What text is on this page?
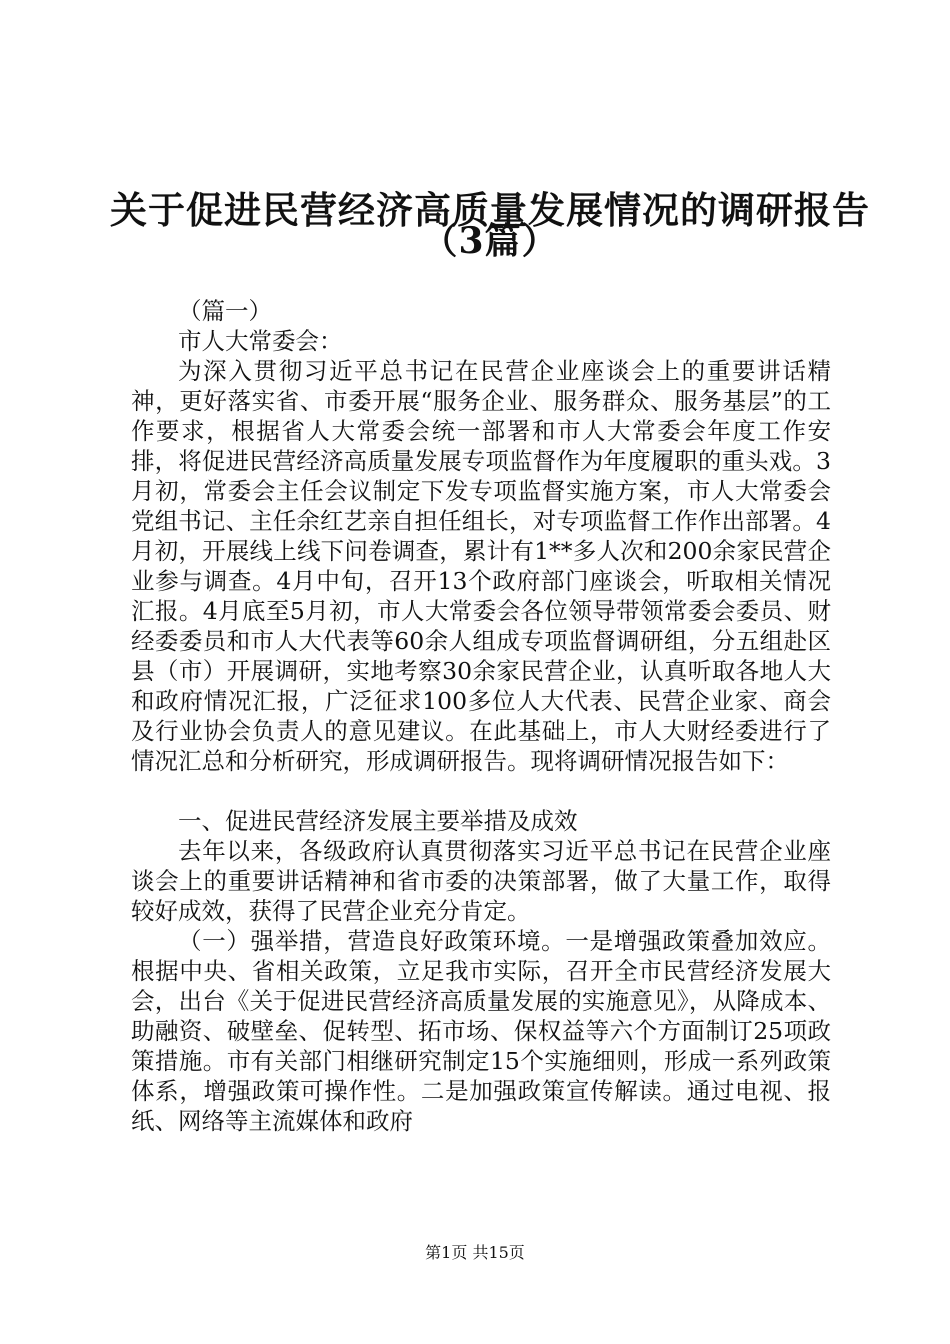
关于促进民营经济高质量发展情况的调研报告
（3篇）

（篇一）

市人大常委会：

为深入贯彻习近平总书记在民营企业座谈会上的重要讲话精神，更好落实省、市委开展“服务企业、服务群众、服务基层”的工作要求，根据省人大常委会统一部署和市人大常委会年度工作安排，将促进民营经济高质量发展专项监督作为年度履职的重头戏。3月初，常委会主任会议制定下发专项监督实施方案，市人大常委会党组书记、主任余红艺亲自担任组长，对专项监督工作作出部署。4月初，开展线上线下问卷调查，累计有1**多人次和200余家民营企业参与调查。4月中旬，召开13个政府部门座谈会，听取相关情况汇报。4月底至5月初，市人大常委会各位领导带领常委会委员、财经委委员和市人大代表等60余人组成专项监督调研组，分五组赴区县（市）开展调研，实地考察30余家民营企业，认真听取各地人大和政府情况汇报，广泛征求100多位人大代表、民营企业家、商会及行业协会负责人的意见建议。在此基础上，市人大财经委进行了情况汇总和分析研究，形成调研报告。现将调研情况报告如下：

一、促进民营经济发展主要举措及成效

去年以来，各级政府认真贯彻落实习近平总书记在民营企业座谈会上的重要讲话精神和省市委的决策部署，做了大量工作，取得较好成效，获得了民营企业充分肯定。

（一）强举措，营造良好政策环境。一是增强政策叠加效应。根据中央、省相关政策，立足我市实际，召开全市民营经济发展大会，出台《关于促进民营经济高质量发展的实施意见》，从降成本、助融资、破壁垒、促转型、拓市场、保权益等六个方面制订25项政策措施。市有关部门相继研究制定15个实施细则，形成一系列政策体系，增强政策可操作性。二是加强政策宣传解读。通过电视、报纸、网络等主流媒体和政府

第1页 共15页
